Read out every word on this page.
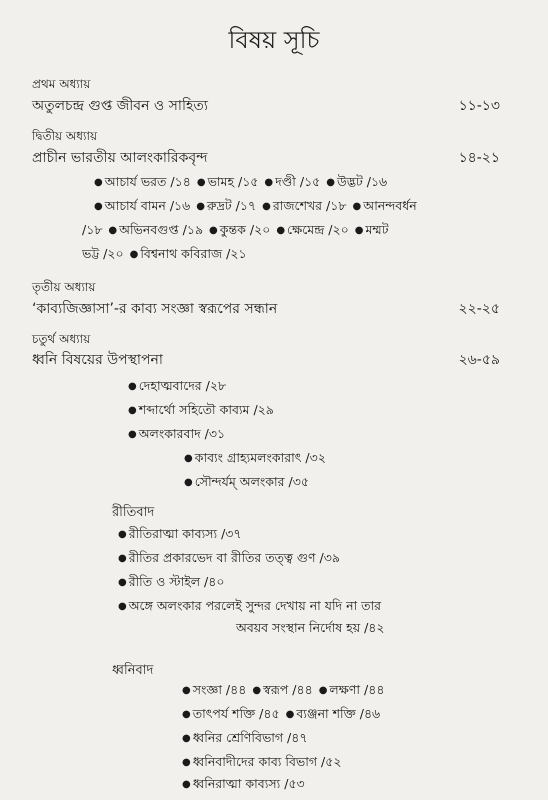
বিষয় সূচি
প্রথম অধ্যায়
অতুলচন্দ্র গুপ্ত জীবন ও সাহিত্য	১১-১৩
দ্বিতীয় অধ্যায়
প্রাচীন ভারতীয় আলংকারিকবৃন্দ	১৪-২১
● আচার্য ভরত /১৪ ● ভামহ /১৫ ● দণ্ডী /১৫ ● উদ্ভট /১৬
● আচার্য বামন /১৬ ● রুদ্রট /১৭ ● রাজশেখর /১৮ ● আনন্দবর্ধন
/১৮ ● অভিনবগুপ্ত /১৯ ● কুন্তক /২০ ● ক্ষেমেন্দ্র /২০ ● মম্মট
ভট্ট /২০ ● বিশ্বনাথ কবিরাজ /২১
তৃতীয় অধ্যায়
‘কাব্যজিজ্ঞাসা’-র কাব্য সংজ্ঞা স্বরূপের সন্ধান	২২-২৫
চতুর্থ অধ্যায়
ধ্বনি বিষয়ের উপস্থাপনা	২৬-৫৯
● দেহাত্মবাদের /২৮
● শব্দার্থো সহিতৌ কাব্যম /২৯
● অলংকারবাদ /৩১
● কাব্যং গ্রাহ্যমলংকারাৎ /৩২
● সৌন্দর্যম্ অলংকার /৩৫
রীতিবাদ
● রীতিরাত্মা কাব্যস্য /৩৭
● রীতির প্রকারভেদ বা রীতির তত্ত্ব গুণ /৩৯
● রীতি ও স্টাইল /৪০
● অঙ্গে অলংকার পরলেই সুন্দর দেখায় না যদি না তার
অবয়ব সংস্থান নির্দোষ হয় /৪২
ধ্বনিবাদ
● সংজ্ঞা /৪৪ ● স্বরূপ /৪৪ ● লক্ষণা /৪৪
● তাৎপর্য শক্তি /৪৫ ● ব্যঞ্জনা শক্তি /৪৬
● ধ্বনির শ্রেণিবিভাগ /৪৭
● ধ্বনিবাদীদের কাব্য বিভাগ /৫২
● ধ্বনিরাত্মা কাব্যস্য /৫৩
